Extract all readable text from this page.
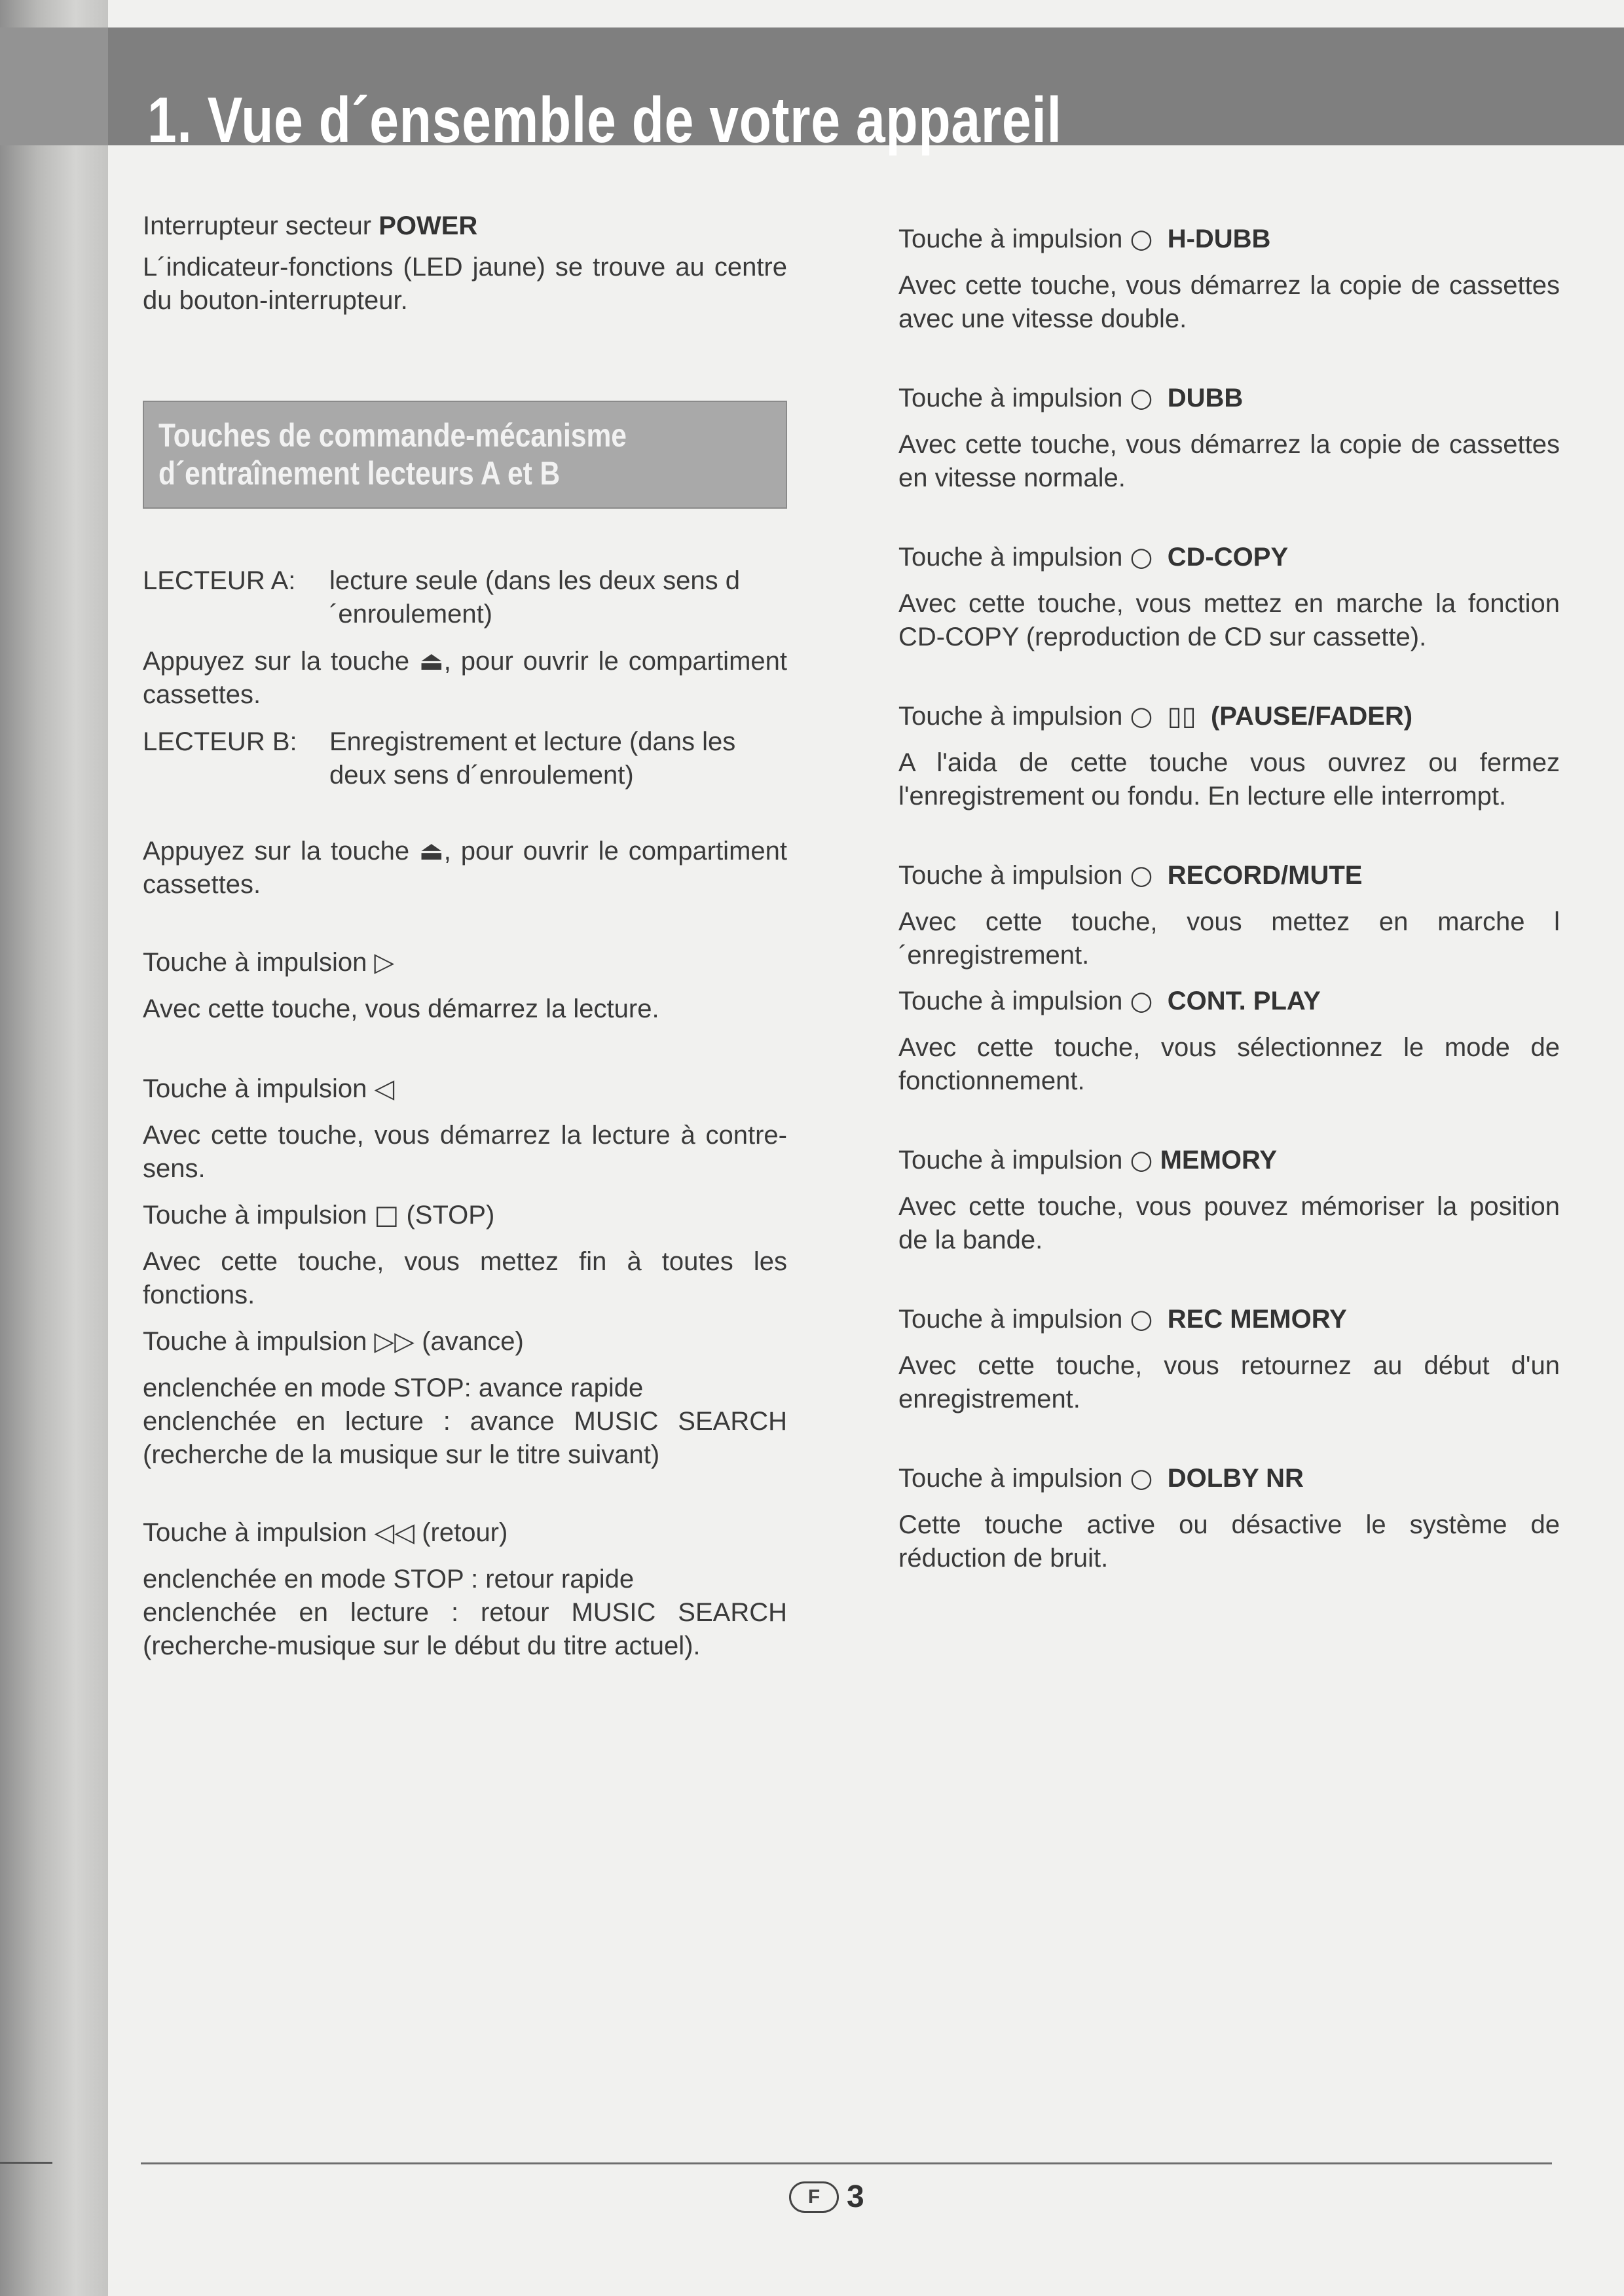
1. Vue d´ensemble de votre appareil

Interrupteur secteur POWER

L´indicateur-fonctions (LED jaune) se trouve au centre du bouton-interrupteur.

Touches de commande-mécanisme
d´entraînement lecteurs A et B
LECTEUR A: lecture seule (dans les deux sens d´enroulement)

Appuyez sur la touche ⏏, pour ouvrir le compartiment cassettes.

LECTEUR B: Enregistrement et lecture (dans les deux sens d´enroulement)

Appuyez sur la touche ⏏, pour ouvrir le compartiment cassettes.

Touche à impulsion ▷

Avec cette touche, vous démarrez la lecture.

Touche à impulsion ◁

Avec cette touche, vous démarrez la lecture à contre-sens.

Touche à impulsion □ (STOP)

Avec cette touche, vous mettez fin à toutes les fonctions.

Touche à impulsion ▷▷ (avance)

enclenchée en mode STOP: avance rapide

enclenchée en lecture : avance MUSIC SEARCH (recherche de la musique sur le titre suivant)

Touche à impulsion ◁◁ (retour)

enclenchée en mode STOP : retour rapide

enclenchée en lecture : retour MUSIC SEARCH (recherche-musique sur le début du titre actuel).

Touche à impulsion ○ H-DUBB

Avec cette touche, vous démarrez la copie de cassettes avec une vitesse double.

Touche à impulsion ○ DUBB

Avec cette touche, vous démarrez la copie de cassettes en vitesse normale.

Touche à impulsion ○ CD-COPY

Avec cette touche, vous mettez en marche la fonction CD-COPY (reproduction de CD sur cassette).

Touche à impulsion ○ ▯▯ (PAUSE/FADER)

A l'aida de cette touche vous ouvrez ou fermez l'enregistrement ou fondu. En lecture elle interrompt.

Touche à impulsion ○ RECORD/MUTE

Avec cette touche, vous mettez en marche l´enregistrement.

Touche à impulsion ○ CONT. PLAY

Avec cette touche, vous sélectionnez le mode de fonctionnement.

Touche à impulsion ○ MEMORY

Avec cette touche, vous pouvez mémoriser la position de la bande.

Touche à impulsion ○ REC MEMORY

Avec cette touche, vous retournez au début d'un enregistrement.

Touche à impulsion ○ DOLBY NR

Cette touche active ou désactive le système de réduction de bruit.

F 3
